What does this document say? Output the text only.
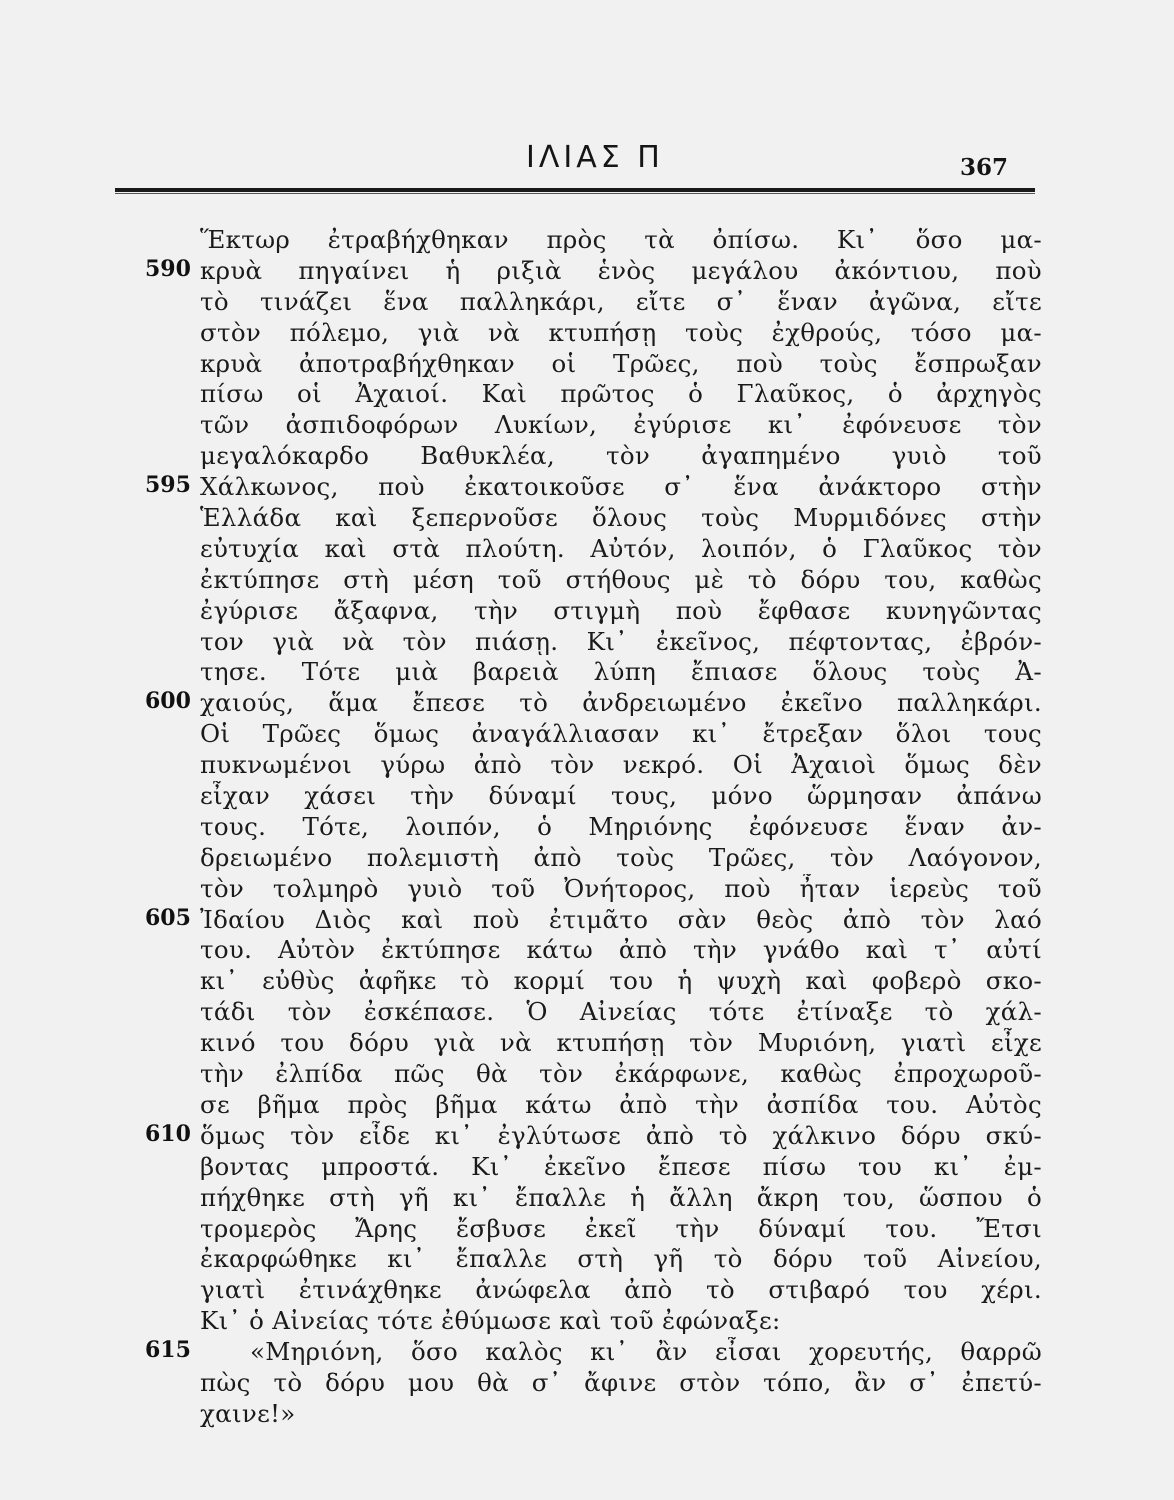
ΙΛΙΑΣ Π	367
590
595
600
605
610
615
Ἕκτωρ ἐτραβήχθηκαν πρὸς τὰ ὀπίσω. Κι᾽ ὅσο μα-
κρυὰ πηγαίνει ἡ ριξιὰ ἑνὸς μεγάλου ἀκόντιου, ποὺ
τὸ τινάζει ἕνα παλληκάρι, εἴτε σ᾽ ἕναν ἀγῶνα, εἴτε
στὸν πόλεμο, γιὰ νὰ κτυπήσῃ τοὺς ἐχθρούς, τόσο μα-
κρυὰ ἀποτραβήχθηκαν οἱ Τρῶες, ποὺ τοὺς ἔσπρωξαν
πίσω οἱ Ἀχαιοί. Καὶ πρῶτος ὁ Γλαῦκος, ὁ ἀρχηγὸς
τῶν ἀσπιδοφόρων Λυκίων, ἐγύρισε κι᾽ ἐφόνευσε τὸν
μεγαλόκαρδο Βαθυκλέα, τὸν ἀγαπημένο γυιὸ τοῦ
Χάλκωνος, ποὺ ἐκατοικοῦσε σ᾽ ἕνα ἀνάκτορο στὴν
Ἑλλάδα καὶ ξεπερνοῦσε ὅλους τοὺς Μυρμιδόνες στὴν
εὐτυχία καὶ στὰ πλούτη. Αὐτόν, λοιπόν, ὁ Γλαῦκος τὸν
ἐκτύπησε στὴ μέση τοῦ στήθους μὲ τὸ δόρυ του, καθὼς
ἐγύρισε ἄξαφνα, τὴν στιγμὴ ποὺ ἔφθασε κυνηγῶντας
τον γιὰ νὰ τὸν πιάσῃ. Κι᾽ ἐκεῖνος, πέφτοντας, ἐβρόν-
τησε. Τότε μιὰ βαρειὰ λύπη ἔπιασε ὅλους τοὺς Ἀ-
χαιούς, ἅμα ἔπεσε τὸ ἀνδρειωμένο ἐκεῖνο παλληκάρι.
Οἱ Τρῶες ὅμως ἀναγάλλιασαν κι᾽ ἔτρεξαν ὅλοι τους
πυκνωμένοι γύρω ἀπὸ τὸν νεκρό. Οἱ Ἀχαιοὶ ὅμως δὲν
εἶχαν χάσει τὴν δύναμί τους, μόνο ὥρμησαν ἀπάνω
τους. Τότε, λοιπόν, ὁ Μηριόνης ἐφόνευσε ἕναν ἀν-
δρειωμένο πολεμιστὴ ἀπὸ τοὺς Τρῶες, τὸν Λαόγονον,
τὸν τολμηρὸ γυιὸ τοῦ Ὀνήτορος, ποὺ ἦταν ἱερεὺς τοῦ
Ἰδαίου Διὸς καὶ ποὺ ἐτιμᾶτο σὰν θεὸς ἀπὸ τὸν λαό
του. Αὐτὸν ἐκτύπησε κάτω ἀπὸ τὴν γνάθο καὶ τ᾽ αὐτί
κι᾽ εὐθὺς ἀφῆκε τὸ κορμί του ἡ ψυχὴ καὶ φοβερὸ σκο-
τάδι τὸν ἐσκέπασε. Ὁ Αἰνείας τότε ἐτίναξε τὸ χάλ-
κινό του δόρυ γιὰ νὰ κτυπήσῃ τὸν Μυριόνη, γιατὶ εἶχε
τὴν ἐλπίδα πῶς θὰ τὸν ἐκάρφωνε, καθὼς ἐπροχωροῦ-
σε βῆμα πρὸς βῆμα κάτω ἀπὸ τὴν ἀσπίδα του. Αὐτὸς
ὅμως τὸν εἶδε κι᾽ ἐγλύτωσε ἀπὸ τὸ χάλκινο δόρυ σκύ-
βοντας μπροστά. Κι᾽ ἐκεῖνο ἔπεσε πίσω του κι᾽ ἐμ-
πήχθηκε στὴ γῆ κι᾽ ἔπαλλε ἡ ἄλλη ἄκρη του, ὥσπου ὁ
τρομερὸς Ἄρης ἔσβυσε ἐκεῖ τὴν δύναμί του. Ἔτσι
ἐκαρφώθηκε κι᾽ ἔπαλλε στὴ γῆ τὸ δόρυ τοῦ Αἰνείου,
γιατὶ ἐτινάχθηκε ἀνώφελα ἀπὸ τὸ στιβαρό του χέρι.
Κι᾽ ὁ Αἰνείας τότε ἐθύμωσε καὶ τοῦ ἐφώναξε:
«Μηριόνη, ὅσο καλὸς κι᾽ ἂν εἶσαι χορευτής, θαρρῶ
πὼς τὸ δόρυ μου θὰ σ᾽ ἄφινε στὸν τόπο, ἂν σ᾽ ἐπετύ-
χαινε!»
